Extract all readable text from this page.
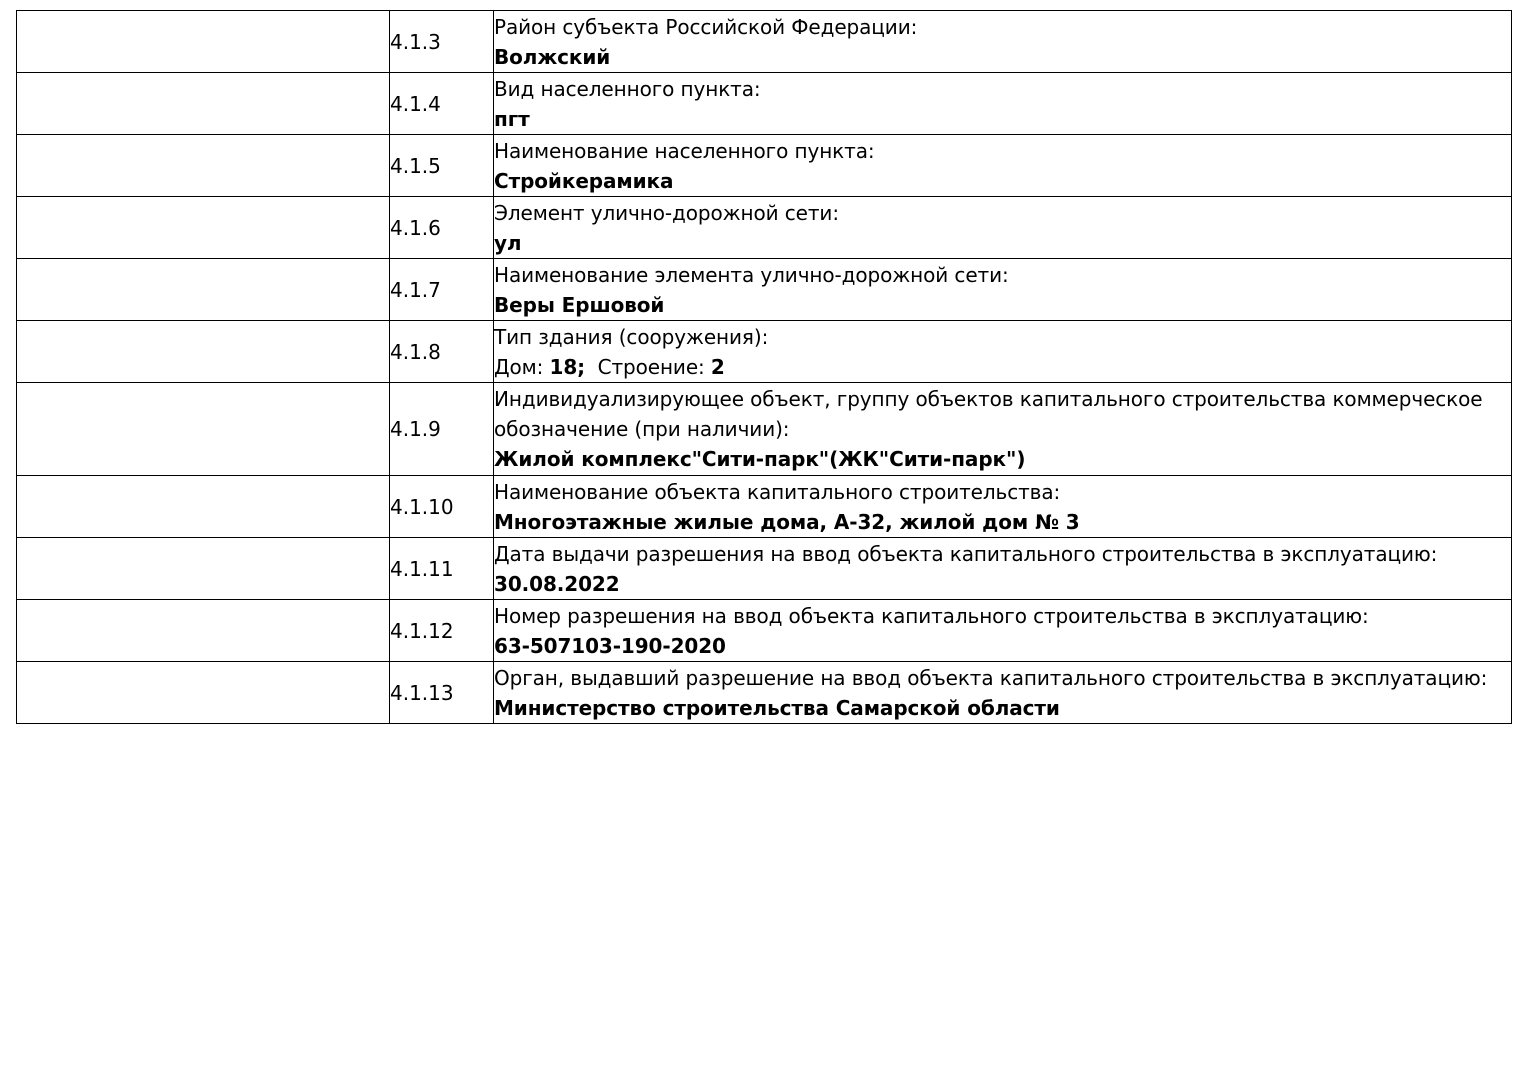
	4.1.3	Район субъекта Российской Федерации:
Волжский

	4.1.4	Вид населенного пункта:
пгт

	4.1.5	Наименование населенного пункта:
Стройкерамика

	4.1.6	Элемент улично-дорожной сети:
ул

	4.1.7	Наименование элемента улично-дорожной сети:
Веры Ершовой

	4.1.8	Тип здания (сооружения):
Дом: 18;  Строение: 2

	4.1.9	Индивидуализирующее объект, группу объектов капитального строительства коммерческое обозначение (при наличии):
Жилой комплекс"Сити-парк"(ЖК"Сити-парк")

	4.1.10	Наименование объекта капитального строительства:
Многоэтажные жилые дома, А-32, жилой дом № 3

	4.1.11	Дата выдачи разрешения на ввод объекта капитального строительства в эксплуатацию:
30.08.2022

	4.1.12	Номер разрешения на ввод объекта капитального строительства в эксплуатацию:
63-507103-190-2020

	4.1.13	Орган, выдавший разрешение на ввод объекта капитального строительства в эксплуатацию:
Министерство строительства Самарской области
